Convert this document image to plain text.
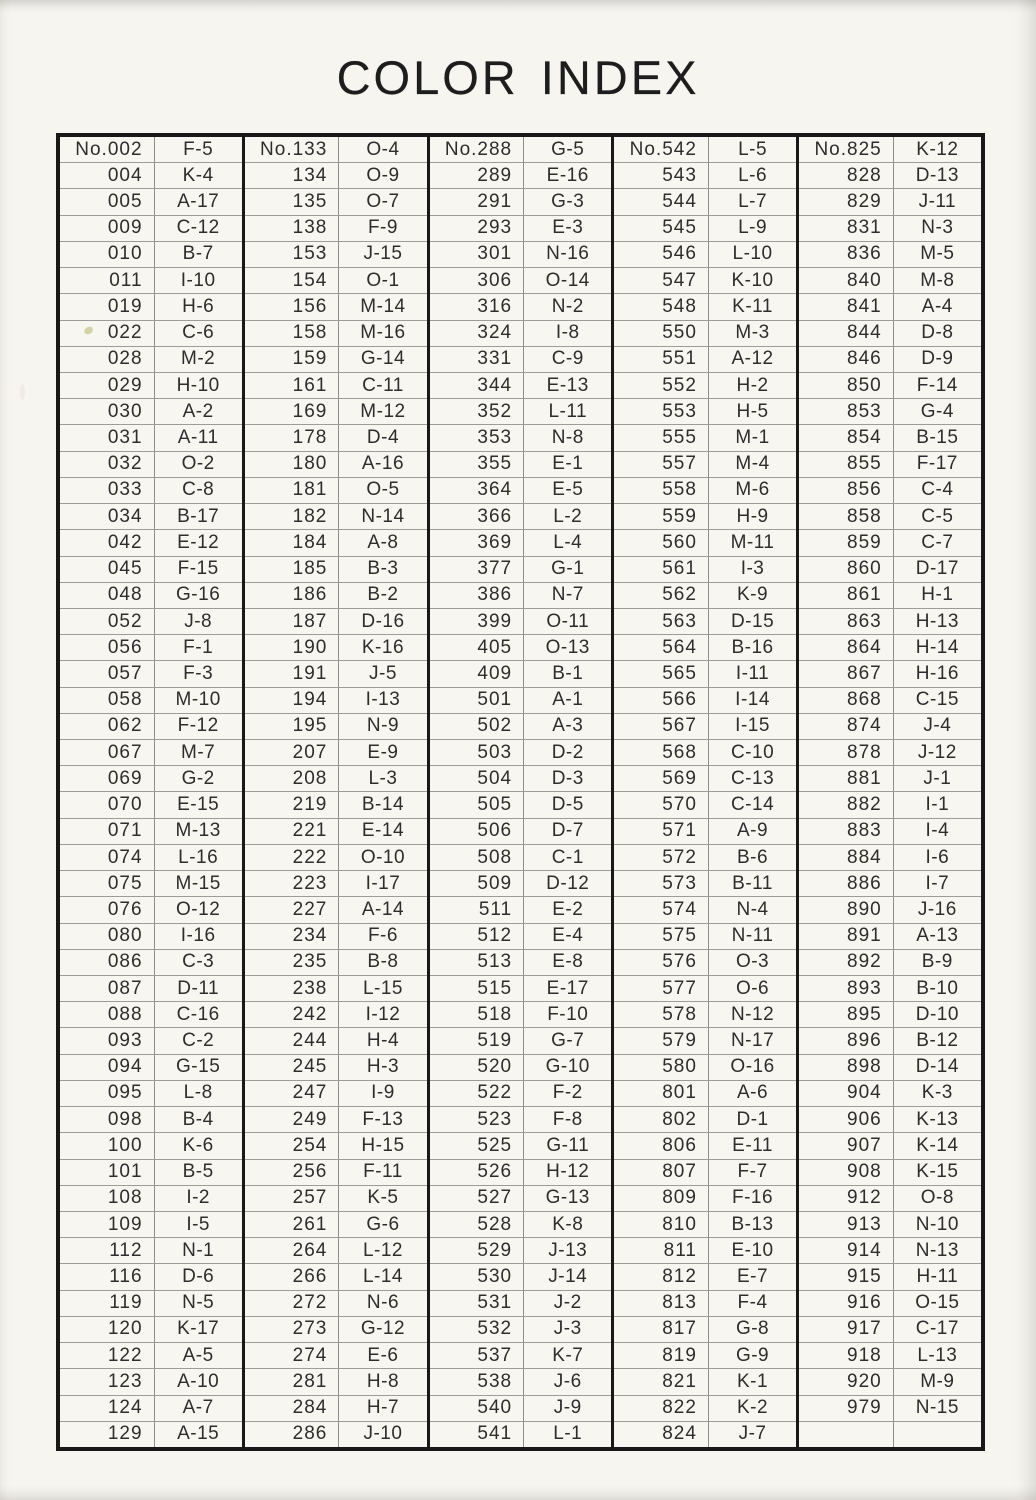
COLOR INDEX
No.002	F-5
004	K-4
005	A-17
009	C-12
010	B-7
011	I-10
019	H-6
022	C-6
028	M-2
029	H-10
030	A-2
031	A-11
032	O-2
033	C-8
034	B-17
042	E-12
045	F-15
048	G-16
052	J-8
056	F-1
057	F-3
058	M-10
062	F-12
067	M-7
069	G-2
070	E-15
071	M-13
074	L-16
075	M-15
076	O-12
080	I-16
086	C-3
087	D-11
088	C-16
093	C-2
094	G-15
095	L-8
098	B-4
100	K-6
101	B-5
108	I-2
109	I-5
112	N-1
116	D-6
119	N-5
120	K-17
122	A-5
123	A-10
124	A-7
129	A-15
No.133	O-4
134	O-9
135	O-7
138	F-9
153	J-15
154	O-1
156	M-14
158	M-16
159	G-14
161	C-11
169	M-12
178	D-4
180	A-16
181	O-5
182	N-14
184	A-8
185	B-3
186	B-2
187	D-16
190	K-16
191	J-5
194	I-13
195	N-9
207	E-9
208	L-3
219	B-14
221	E-14
222	O-10
223	I-17
227	A-14
234	F-6
235	B-8
238	L-15
242	I-12
244	H-4
245	H-3
247	I-9
249	F-13
254	H-15
256	F-11
257	K-5
261	G-6
264	L-12
266	L-14
272	N-6
273	G-12
274	E-6
281	H-8
284	H-7
286	J-10
No.288	G-5
289	E-16
291	G-3
293	E-3
301	N-16
306	O-14
316	N-2
324	I-8
331	C-9
344	E-13
352	L-11
353	N-8
355	E-1
364	E-5
366	L-2
369	L-4
377	G-1
386	N-7
399	O-11
405	O-13
409	B-1
501	A-1
502	A-3
503	D-2
504	D-3
505	D-5
506	D-7
508	C-1
509	D-12
511	E-2
512	E-4
513	E-8
515	E-17
518	F-10
519	G-7
520	G-10
522	F-2
523	F-8
525	G-11
526	H-12
527	G-13
528	K-8
529	J-13
530	J-14
531	J-2
532	J-3
537	K-7
538	J-6
540	J-9
541	L-1
No.542	L-5
543	L-6
544	L-7
545	L-9
546	L-10
547	K-10
548	K-11
550	M-3
551	A-12
552	H-2
553	H-5
555	M-1
557	M-4
558	M-6
559	H-9
560	M-11
561	I-3
562	K-9
563	D-15
564	B-16
565	I-11
566	I-14
567	I-15
568	C-10
569	C-13
570	C-14
571	A-9
572	B-6
573	B-11
574	N-4
575	N-11
576	O-3
577	O-6
578	N-12
579	N-17
580	O-16
801	A-6
802	D-1
806	E-11
807	F-7
809	F-16
810	B-13
811	E-10
812	E-7
813	F-4
817	G-8
819	G-9
821	K-1
822	K-2
824	J-7
No.825	K-12
828	D-13
829	J-11
831	N-3
836	M-5
840	M-8
841	A-4
844	D-8
846	D-9
850	F-14
853	G-4
854	B-15
855	F-17
856	C-4
858	C-5
859	C-7
860	D-17
861	H-1
863	H-13
864	H-14
867	H-16
868	C-15
874	J-4
878	J-12
881	J-1
882	I-1
883	I-4
884	I-6
886	I-7
890	J-16
891	A-13
892	B-9
893	B-10
895	D-10
896	B-12
898	D-14
904	K-3
906	K-13
907	K-14
908	K-15
912	O-8
913	N-10
914	N-13
915	H-11
916	O-15
917	C-17
918	L-13
920	M-9
979	N-15
